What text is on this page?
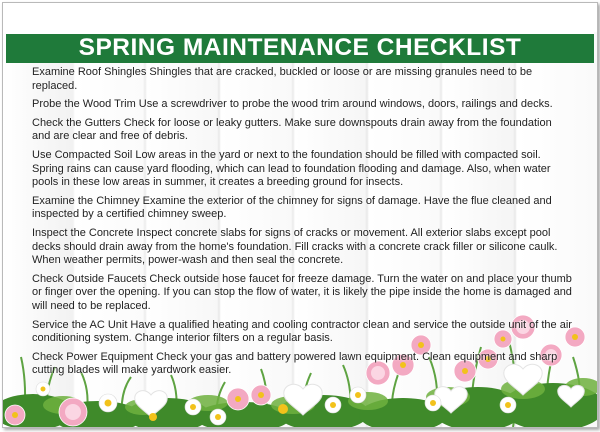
SPRING MAINTENANCE CHECKLIST

Examine Roof Shingles Shingles that are cracked, buckled or loose or are missing granules need to be replaced.

Probe the Wood Trim Use a screwdriver to probe the wood trim around windows, doors, railings and decks.

Check the Gutters Check for loose or leaky gutters. Make sure downspouts drain away from the foundation and are clear and free of debris.

Use Compacted Soil Low areas in the yard or next to the foundation should be filled with compacted soil. Spring rains can cause yard flooding, which can lead to foundation flooding and damage. Also, when water pools in these low areas in summer, it creates a breeding ground for insects.

Examine the Chimney Examine the exterior of the chimney for signs of damage. Have the flue cleaned and inspected by a certified chimney sweep.

Inspect the Concrete Inspect concrete slabs for signs of cracks or movement. All exterior slabs except pool decks should drain away from the home's foundation. Fill cracks with a concrete crack filler or silicone caulk. When weather permits, power-wash and then seal the concrete.

Check Outside Faucets Check outside hose faucet for freeze damage. Turn the water on and place your thumb or finger over the opening. If you can stop the flow of water, it is likely the pipe inside the home is damaged and will need to be replaced.

Service the AC Unit Have a qualified heating and cooling contractor clean and service the outside unit of the air conditioning system. Change interior filters on a regular basis.

Check Power Equipment Check your gas and battery powered lawn equipment. Clean equipment and sharp cutting blades will make yardwork easier.
